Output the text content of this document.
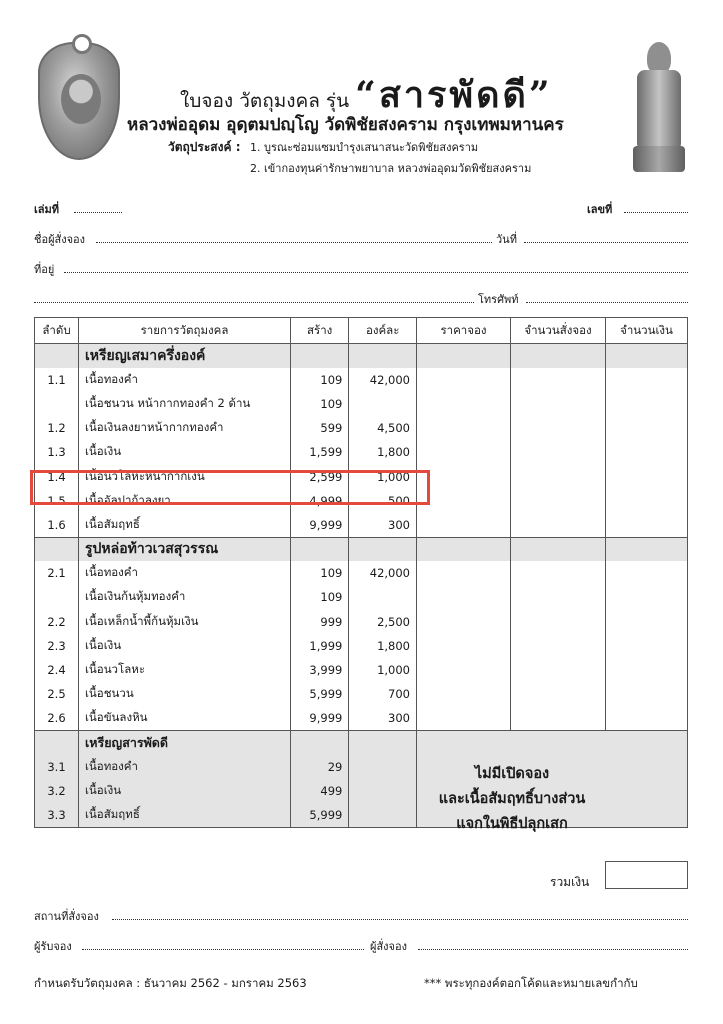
ใบจอง วัตถุมงคล รุ่น “สารพัดดี”
หลวงพ่ออุดม อุดฺตมปญฺโญ วัดพิชัยสงคราม กรุงเทพมหานคร
วัตถุประสงค์ : 1. บูรณะซ่อมแซมบำรุงเสนาสนะวัดพิชัยสงคราม
2. เข้ากองทุนค่ารักษาพยาบาล หลวงพ่ออุดมวัดพิชัยสงคราม
เล่มที่	เลขที่
ชื่อผู้สั่งจอง	วันที่
ที่อยู่
โทรศัพท์
ลำดับ	รายการวัตถุมงคล	สร้าง	องค์ละ	ราคาจอง	จำนวนสั่งจอง	จำนวนเงิน
	เหรียญเสมาครึ่งองค์					
1.1	เนื้อทองคำ	109	42,000			
	เนื้อชนวน หน้ากากทองคำ 2 ด้าน	109				
1.2	เนื้อเงินลงยาหน้ากากทองคำ	599	4,500			
1.3	เนื้อเงิน	1,599	1,800			
1.4	เนื้อนวโลหะหน้ากากเงิน	2,599	1,000			
1.5	เนื้ออัลปาก้าลงยา	4,999	500			
1.6	เนื้อสัมฤทธิ์	9,999	300			
	รูปหล่อท้าวเวสสุวรรณ					
2.1	เนื้อทองคำ	109	42,000			
	เนื้อเงินก้นหุ้มทองคำ	109				
2.2	เนื้อเหล็กน้ำพี้ก้นหุ้มเงิน	999	2,500			
2.3	เนื้อเงิน	1,999	1,800			
2.4	เนื้อนวโลหะ	3,999	1,000			
2.5	เนื้อชนวน	5,999	700			
2.6	เนื้อขันลงหิน	9,999	300			
	เหรียญสารพัดดี					
3.1	เนื้อทองคำ	29				
3.2	เนื้อเงิน	499				
3.3	เนื้อสัมฤทธิ์	5,999				
ไม่มีเปิดจอง
และเนื้อสัมฤทธิ์บางส่วน
แจกในพิธีปลุกเสก
รวมเงิน
สถานที่สั่งจอง
ผู้รับจอง	ผู้สั่งจอง
กำหนดรับวัตถุมงคล : ธันวาคม 2562 - มกราคม 2563	*** พระทุกองค์ตอกโค้ดและหมายเลขกำกับ
